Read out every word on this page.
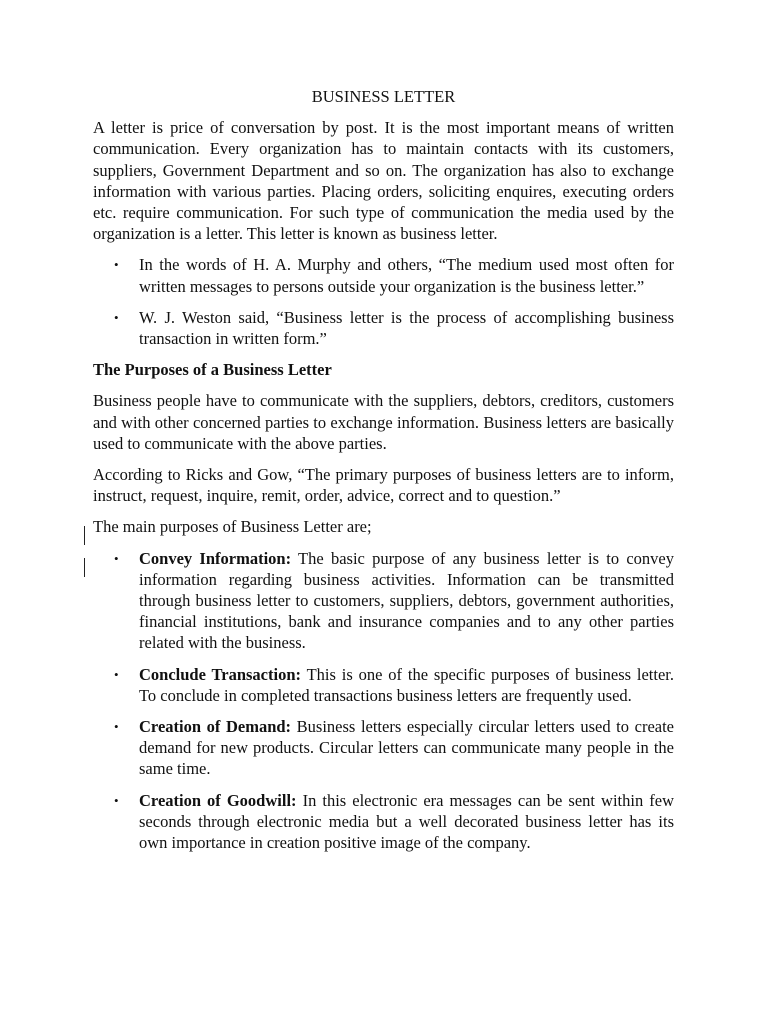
BUSINESS LETTER

A letter is price of conversation by post. It is the most important means of written communication. Every organization has to maintain contacts with its customers, suppliers, Government Department and so on. The organization has also to exchange information with various parties. Placing orders, soliciting enquires, executing orders etc. require communication. For such type of communication the media used by the organization is a letter. This letter is known as business letter.

• In the words of H. A. Murphy and others, “The medium used most often for written messages to persons outside your organization is the business letter.”
• W. J. Weston said, “Business letter is the process of accomplishing business transaction in written form.”
The Purposes of a Business Letter

Business people have to communicate with the suppliers, debtors, creditors, customers and with other concerned parties to exchange information. Business letters are basically used to communicate with the above parties.

According to Ricks and Gow, “The primary purposes of business letters are to inform, instruct, request, inquire, remit, order, advice, correct and to question.”

The main purposes of Business Letter are;

• Convey Information: The basic purpose of any business letter is to convey information regarding business activities. Information can be transmitted through business letter to customers, suppliers, debtors, government authorities, financial institutions, bank and insurance companies and to any other parties related with the business.
• Conclude Transaction: This is one of the specific purposes of business letter. To conclude in completed transactions business letters are frequently used.
• Creation of Demand: Business letters especially circular letters used to create demand for new products. Circular letters can communicate many people in the same time.
• Creation of Goodwill: In this electronic era messages can be sent within few seconds through electronic media but a well decorated business letter has its own importance in creation positive image of the company.
